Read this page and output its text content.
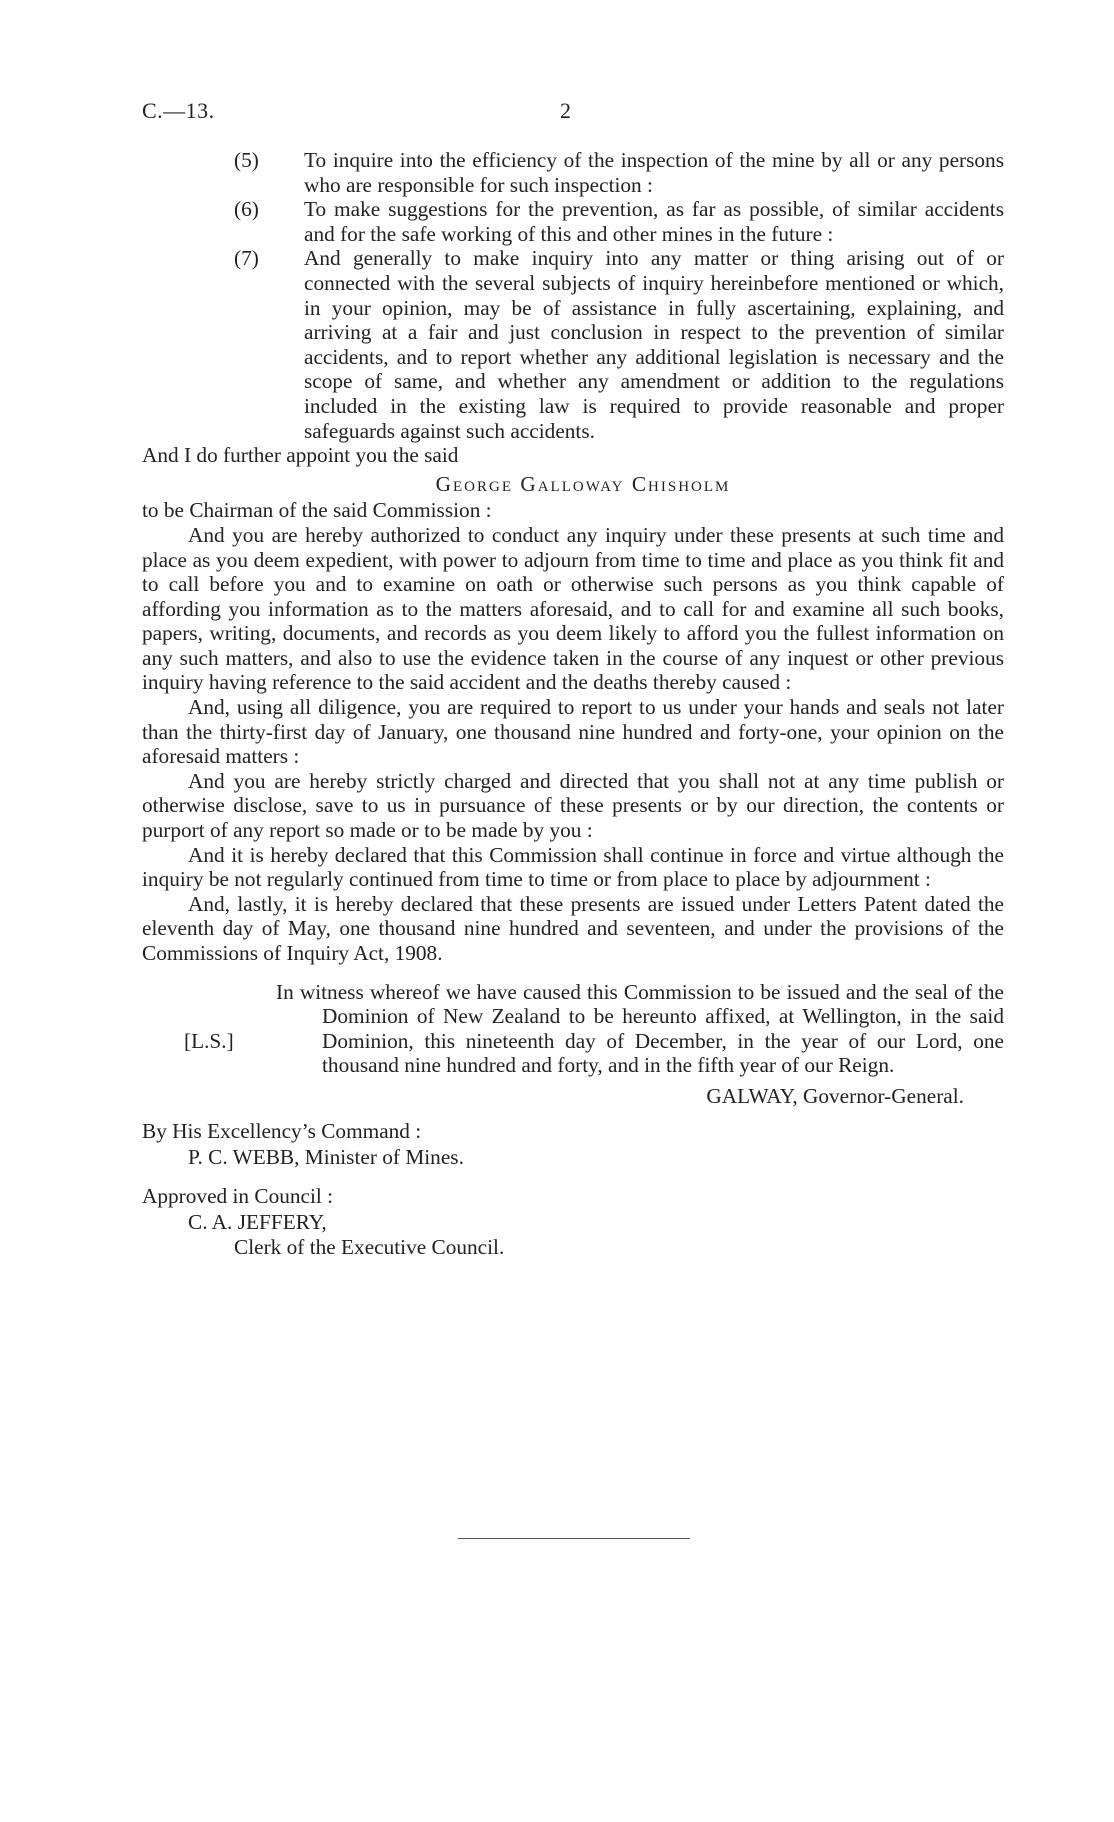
C.—13.	2
(5) To inquire into the efficiency of the inspection of the mine by all or any persons who are responsible for such inspection :

(6) To make suggestions for the prevention, as far as possible, of similar accidents and for the safe working of this and other mines in the future :

(7) And generally to make inquiry into any matter or thing arising out of or connected with the several subjects of inquiry hereinbefore mentioned or which, in your opinion, may be of assistance in fully ascertaining, explaining, and arriving at a fair and just conclusion in respect to the prevention of similar accidents, and to report whether any additional legislation is necessary and the scope of same, and whether any amendment or addition to the regulations included in the existing law is required to provide reasonable and proper safeguards against such accidents.

And I do further appoint you the said

George Galloway Chisholm

to be Chairman of the said Commission :

And you are hereby authorized to conduct any inquiry under these presents at such time and place as you deem expedient, with power to adjourn from time to time and place as you think fit and to call before you and to examine on oath or otherwise such persons as you think capable of affording you information as to the matters aforesaid, and to call for and examine all such books, papers, writing, documents, and records as you deem likely to afford you the fullest information on any such matters, and also to use the evidence taken in the course of any inquest or other previous inquiry having reference to the said accident and the deaths thereby caused :

And, using all diligence, you are required to report to us under your hands and seals not later than the thirty-first day of January, one thousand nine hundred and forty-one, your opinion on the aforesaid matters :

And you are hereby strictly charged and directed that you shall not at any time publish or otherwise disclose, save to us in pursuance of these presents or by our direction, the contents or purport of any report so made or to be made by you :

And it is hereby declared that this Commission shall continue in force and virtue although the inquiry be not regularly continued from time to time or from place to place by adjournment :

And, lastly, it is hereby declared that these presents are issued under Letters Patent dated the eleventh day of May, one thousand nine hundred and seventeen, and under the provisions of the Commissions of Inquiry Act, 1908.

[L.S.]

In witness whereof we have caused this Commission to be issued and the seal of the Dominion of New Zealand to be hereunto affixed, at Wellington, in the said Dominion, this nineteenth day of December, in the year of our Lord, one thousand nine hundred and forty, and in the fifth year of our Reign.

GALWAY, Governor-General.

By His Excellency’s Command :

P. C. WEBB, Minister of Mines.

Approved in Council :

C. A. JEFFERY,

Clerk of the Executive Council.
